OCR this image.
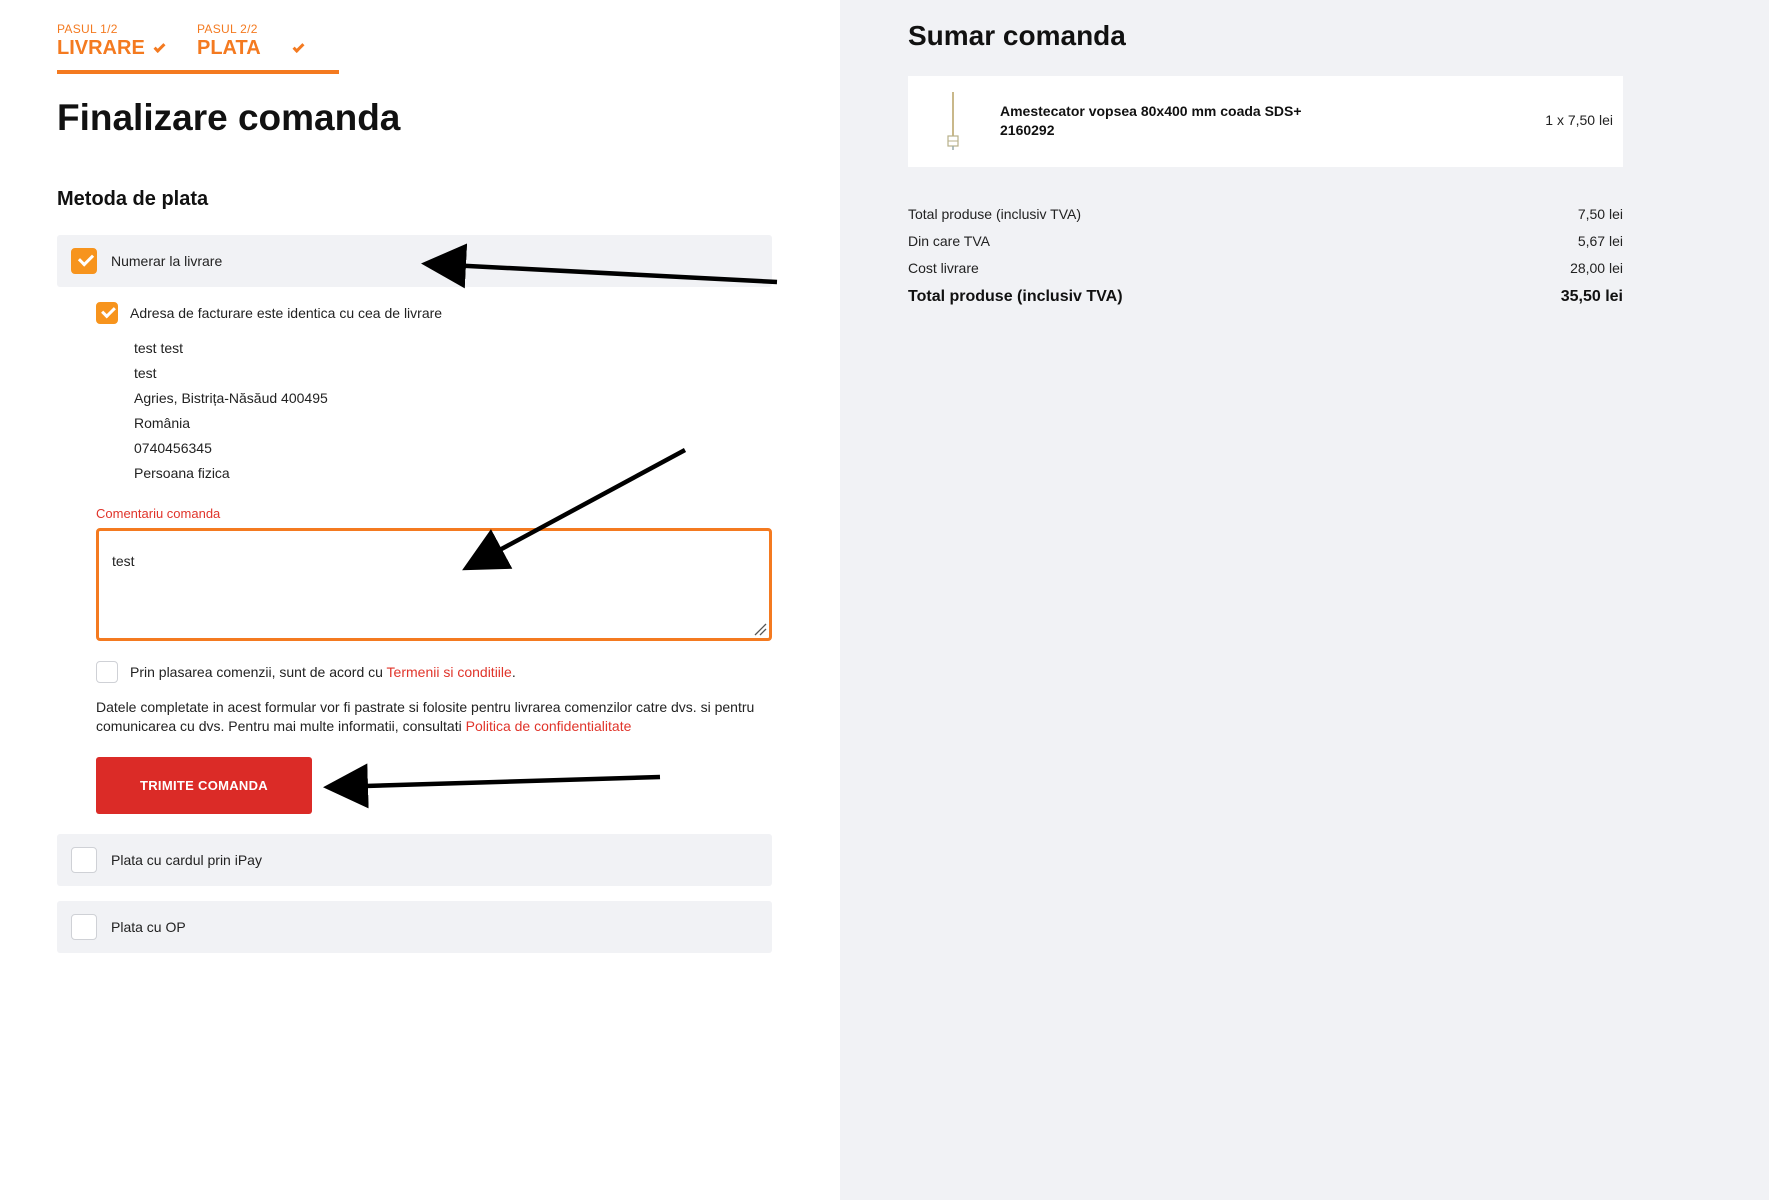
PASUL 1/2
LIVRARE
PASUL 2/2
PLATA
Finalizare comanda
Metoda de plata
Numerar la livrare
Adresa de facturare este identica cu cea de livrare
test test
test
Agries, Bistrița-Năsăud 400495
România
0740456345
Persoana fizica
Comentariu comanda
test
Prin plasarea comenzii, sunt de acord cu Termenii si conditiile.
Datele completate in acest formular vor fi pastrate si folosite pentru livrarea comenzilor catre dvs. si pentru comunicarea cu dvs. Pentru mai multe informatii, consultati Politica de confidentialitate
TRIMITE COMANDA
Plata cu cardul prin iPay
Plata cu OP
Sumar comanda
Amestecator vopsea 80x400 mm coada SDS+ 2160292
1 x 7,50 lei
Total produse (inclusiv TVA)	7,50 lei
Din care TVA	5,67 lei
Cost livrare	28,00 lei
Total produse (inclusiv TVA)	35,50 lei
